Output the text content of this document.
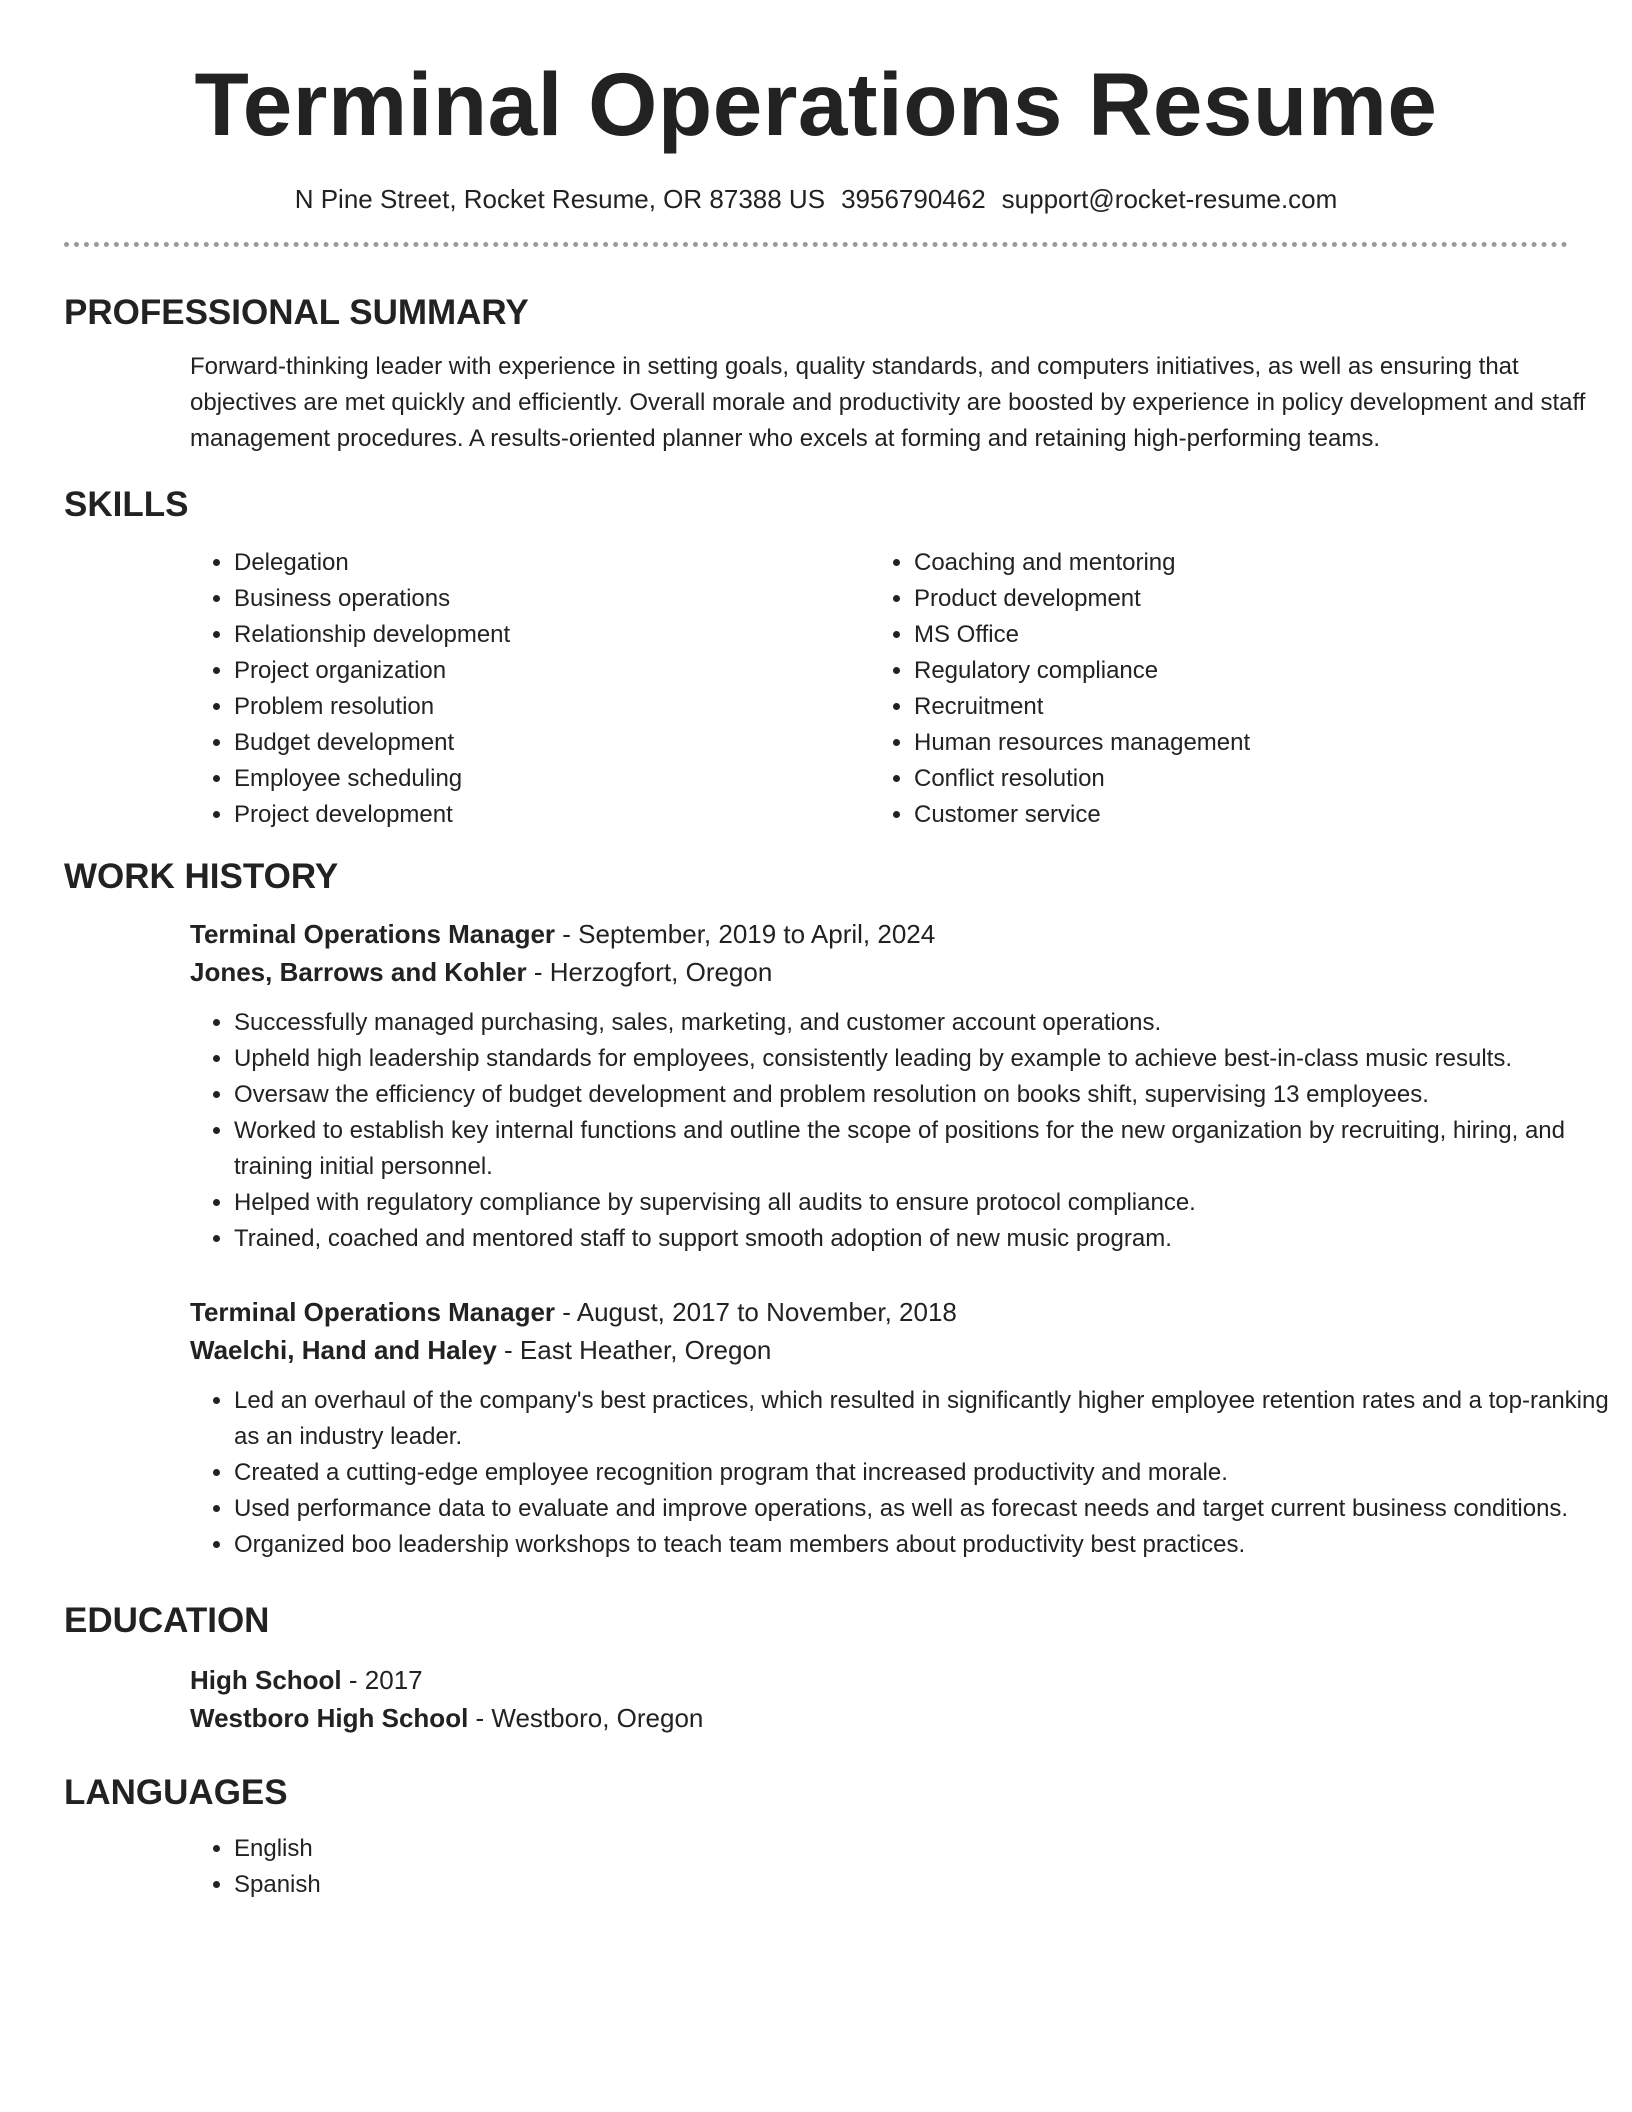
Terminal Operations Resume
N Pine Street, Rocket Resume, OR 87388 US 3956790462 support@rocket-resume.com
PROFESSIONAL SUMMARY

Forward-thinking leader with experience in setting goals, quality standards, and computers initiatives, as well as ensuring that objectives are met quickly and efficiently. Overall morale and productivity are boosted by experience in policy development and staff management procedures. A results-oriented planner who excels at forming and retaining high-performing teams.

SKILLS
• Delegation
• Business operations
• Relationship development
• Project organization
• Problem resolution
• Budget development
• Employee scheduling
• Project development
• Coaching and mentoring
• Product development
• MS Office
• Regulatory compliance
• Recruitment
• Human resources management
• Conflict resolution
• Customer service
WORK HISTORY
Terminal Operations Manager - September, 2019 to April, 2024
Jones, Barrows and Kohler - Herzogfort, Oregon
• Successfully managed purchasing, sales, marketing, and customer account operations.
• Upheld high leadership standards for employees, consistently leading by example to achieve best-in-class music results.
• Oversaw the efficiency of budget development and problem resolution on books shift, supervising 13 employees.
• Worked to establish key internal functions and outline the scope of positions for the new organization by recruiting, hiring, and training initial personnel.
• Helped with regulatory compliance by supervising all audits to ensure protocol compliance.
• Trained, coached and mentored staff to support smooth adoption of new music program.
Terminal Operations Manager - August, 2017 to November, 2018
Waelchi, Hand and Haley - East Heather, Oregon
• Led an overhaul of the company's best practices, which resulted in significantly higher employee retention rates and a top-ranking as an industry leader.
• Created a cutting-edge employee recognition program that increased productivity and morale.
• Used performance data to evaluate and improve operations, as well as forecast needs and target current business conditions.
• Organized boo leadership workshops to teach team members about productivity best practices.
EDUCATION
High School - 2017
Westboro High School - Westboro, Oregon
LANGUAGES
• English
• Spanish
